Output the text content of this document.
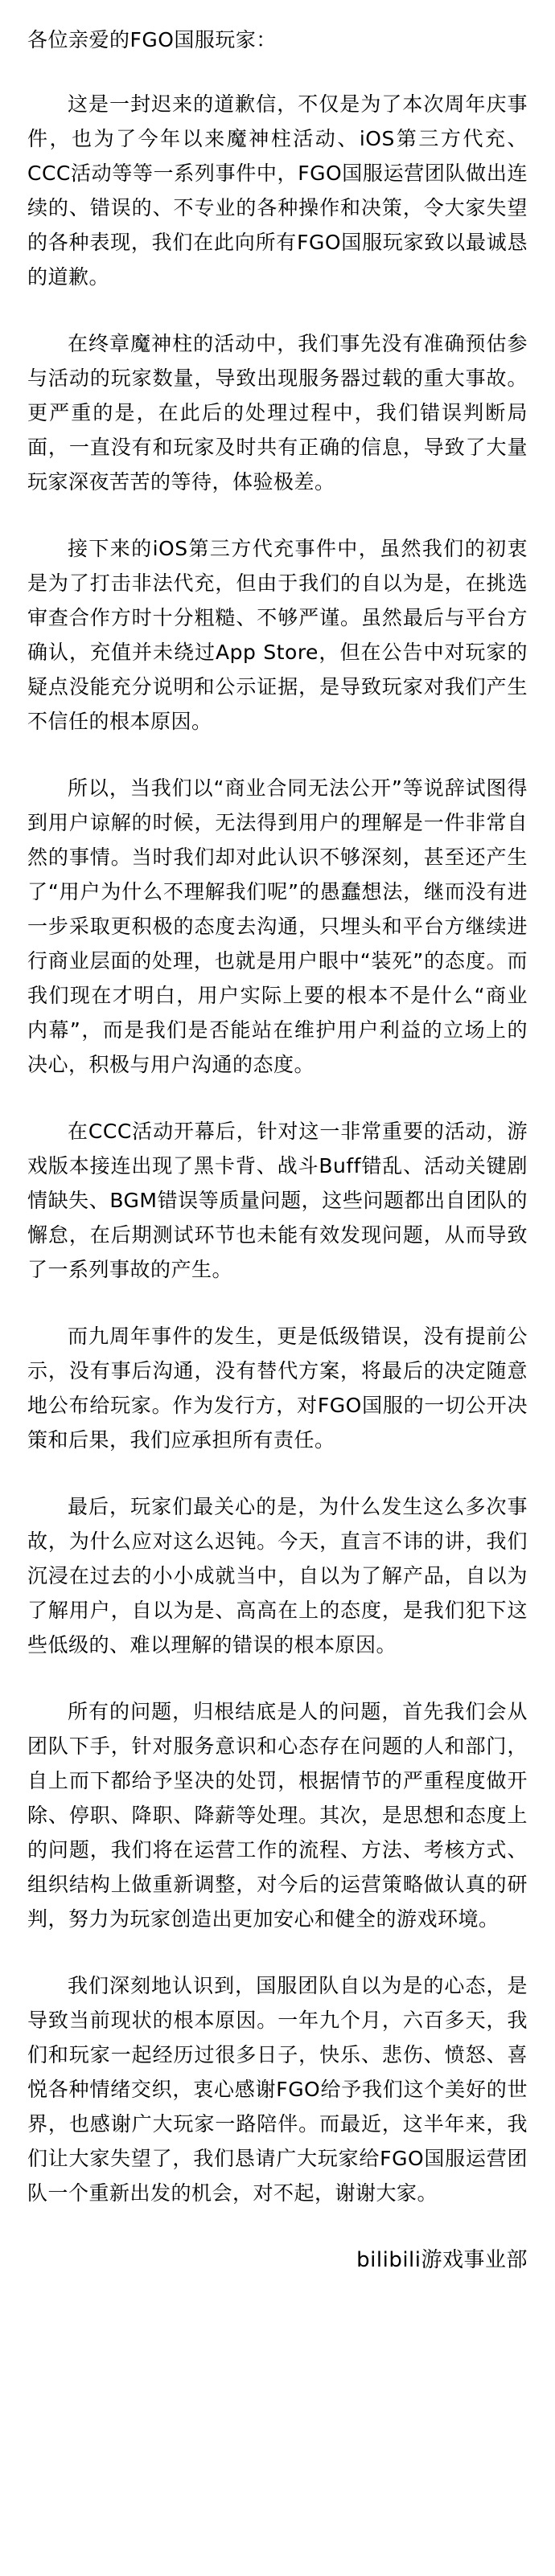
各位亲爱的FGO国服玩家：

这是一封迟来的道歉信，不仅是为了本次周年庆事件，也为了今年以来魔神柱活动、iOS第三方代充、CCC活动等等一系列事件中，FGO国服运营团队做出连续的、错误的、不专业的各种操作和决策，令大家失望的各种表现，我们在此向所有FGO国服玩家致以最诚恳的道歉。

在终章魔神柱的活动中，我们事先没有准确预估参与活动的玩家数量，导致出现服务器过载的重大事故。更严重的是，在此后的处理过程中，我们错误判断局面，一直没有和玩家及时共有正确的信息，导致了大量玩家深夜苦苦的等待，体验极差。

接下来的iOS第三方代充事件中，虽然我们的初衷是为了打击非法代充，但由于我们的自以为是，在挑选审查合作方时十分粗糙、不够严谨。虽然最后与平台方确认，充值并未绕过App Store，但在公告中对玩家的疑点没能充分说明和公示证据，是导致玩家对我们产生不信任的根本原因。

所以，当我们以“商业合同无法公开”等说辞试图得到用户谅解的时候，无法得到用户的理解是一件非常自然的事情。当时我们却对此认识不够深刻，甚至还产生了“用户为什么不理解我们呢”的愚蠢想法，继而没有进一步采取更积极的态度去沟通，只埋头和平台方继续进行商业层面的处理，也就是用户眼中“装死”的态度。而我们现在才明白，用户实际上要的根本不是什么“商业内幕”，而是我们是否能站在维护用户利益的立场上的决心，积极与用户沟通的态度。

在CCC活动开幕后，针对这一非常重要的活动，游戏版本接连出现了黑卡背、战斗Buff错乱、活动关键剧情缺失、BGM错误等质量问题，这些问题都出自团队的懈怠，在后期测试环节也未能有效发现问题，从而导致了一系列事故的产生。

而九周年事件的发生，更是低级错误，没有提前公示，没有事后沟通，没有替代方案，将最后的决定随意地公布给玩家。作为发行方，对FGO国服的一切公开决策和后果，我们应承担所有责任。

最后，玩家们最关心的是，为什么发生这么多次事故，为什么应对这么迟钝。今天，直言不讳的讲，我们沉浸在过去的小小成就当中，自以为了解产品，自以为了解用户，自以为是、高高在上的态度，是我们犯下这些低级的、难以理解的错误的根本原因。

所有的问题，归根结底是人的问题，首先我们会从团队下手，针对服务意识和心态存在问题的人和部门，自上而下都给予坚决的处罚，根据情节的严重程度做开除、停职、降职、降薪等处理。其次，是思想和态度上的问题，我们将在运营工作的流程、方法、考核方式、组织结构上做重新调整，对今后的运营策略做认真的研判，努力为玩家创造出更加安心和健全的游戏环境。

我们深刻地认识到，国服团队自以为是的心态，是导致当前现状的根本原因。一年九个月，六百多天，我们和玩家一起经历过很多日子，快乐、悲伤、愤怒、喜悦各种情绪交织，衷心感谢FGO给予我们这个美好的世界，也感谢广大玩家一路陪伴。而最近，这半年来，我们让大家失望了，我们恳请广大玩家给FGO国服运营团队一个重新出发的机会，对不起，谢谢大家。

bilibili游戏事业部
